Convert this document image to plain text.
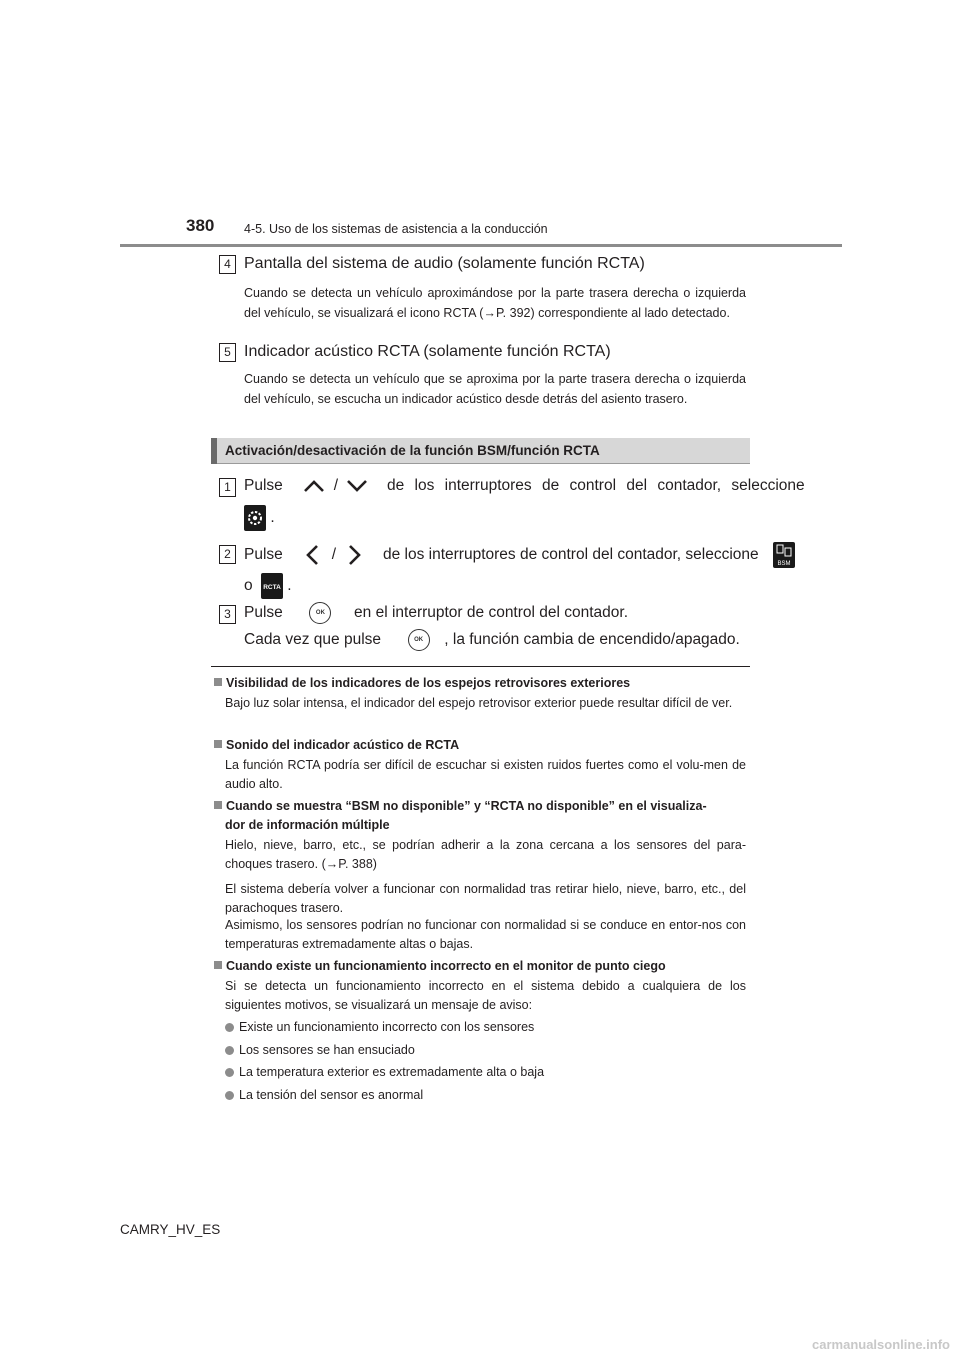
380 4-5. Uso de los sistemas de asistencia a la conducción
4 Pantalla del sistema de audio (solamente función RCTA)
Cuando se detecta un vehículo aproximándose por la parte trasera derecha o izquierda del vehículo, se visualizará el icono RCTA (→P. 392) correspondiente al lado detectado.
5 Indicador acústico RCTA (solamente función RCTA)
Cuando se detecta un vehículo que se aproxima por la parte trasera derecha o izquierda del vehículo, se escucha un indicador acústico desde detrás del asiento trasero.
Activación/desactivación de la función BSM/función RCTA
1 Pulse	/	de los interruptores de control del contador, seleccione
.
2 Pulse	/	de los interruptores de control del contador, seleccione
BSM
o RCTA .
3 Pulse	OK en el interruptor de control del contador.
Cada vez que pulse	OK , la función cambia de encendido/apagado.
Visibilidad de los indicadores de los espejos retrovisores exteriores
Bajo luz solar intensa, el indicador del espejo retrovisor exterior puede resultar difícil de ver.
Sonido del indicador acústico de RCTA
La función RCTA podría ser difícil de escuchar si existen ruidos fuertes como el volu-men de audio alto.
Cuando se muestra “BSM no disponible” y “RCTA no disponible” en el visualiza-
dor de información múltiple
Hielo, nieve, barro, etc., se podrían adherir a la zona cercana a los sensores del para-choques trasero. (→P. 388)
El sistema debería volver a funcionar con normalidad tras retirar hielo, nieve, barro, etc., del parachoques trasero.
Asimismo, los sensores podrían no funcionar con normalidad si se conduce en entor-nos con temperaturas extremadamente altas o bajas.
Cuando existe un funcionamiento incorrecto en el monitor de punto ciego
Si se detecta un funcionamiento incorrecto en el sistema debido a cualquiera de los siguientes motivos, se visualizará un mensaje de aviso:
Existe un funcionamiento incorrecto con los sensores
Los sensores se han ensuciado
La temperatura exterior es extremadamente alta o baja
La tensión del sensor es anormal
CAMRY_HV_ES
carmanualsonline.info
